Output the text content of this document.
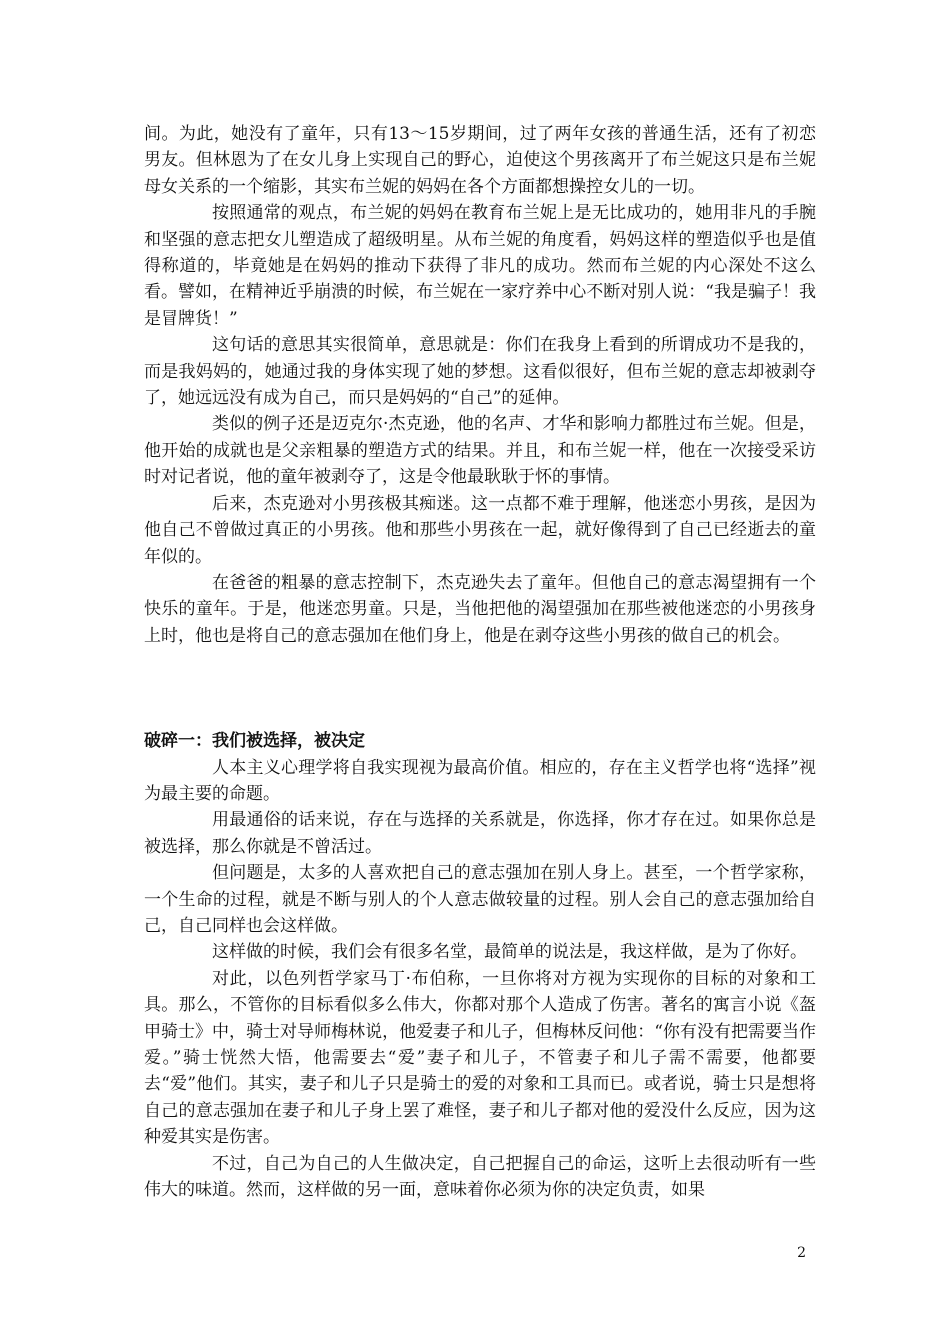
间。为此，她没有了童年，只有13～15岁期间，过了两年女孩的普通生活，还有了初恋男友。但林恩为了在女儿身上实现自己的野心，迫使这个男孩离开了布兰妮这只是布兰妮母女关系的一个缩影，其实布兰妮的妈妈在各个方面都想操控女儿的一切。

按照通常的观点，布兰妮的妈妈在教育布兰妮上是无比成功的，她用非凡的手腕和坚强的意志把女儿塑造成了超级明星。从布兰妮的角度看，妈妈这样的塑造似乎也是值得称道的，毕竟她是在妈妈的推动下获得了非凡的成功。然而布兰妮的内心深处不这么看。譬如，在精神近乎崩溃的时候，布兰妮在一家疗养中心不断对别人说：“我是骗子！我是冒牌货！”

这句话的意思其实很简单，意思就是：你们在我身上看到的所谓成功不是我的，而是我妈妈的，她通过我的身体实现了她的梦想。这看似很好，但布兰妮的意志却被剥夺了，她远远没有成为自己，而只是妈妈的“自己”的延伸。

类似的例子还是迈克尔·杰克逊，他的名声、才华和影响力都胜过布兰妮。但是，他开始的成就也是父亲粗暴的塑造方式的结果。并且，和布兰妮一样，他在一次接受采访时对记者说，他的童年被剥夺了，这是令他最耿耿于怀的事情。

后来，杰克逊对小男孩极其痴迷。这一点都不难于理解，他迷恋小男孩，是因为他自己不曾做过真正的小男孩。他和那些小男孩在一起，就好像得到了自己已经逝去的童年似的。

在爸爸的粗暴的意志控制下，杰克逊失去了童年。但他自己的意志渴望拥有一个快乐的童年。于是，他迷恋男童。只是，当他把他的渴望强加在那些被他迷恋的小男孩身上时，他也是将自己的意志强加在他们身上，他是在剥夺这些小男孩的做自己的机会。

破碎一：我们被选择，被决定

人本主义心理学将自我实现视为最高价值。相应的，存在主义哲学也将“选择”视为最主要的命题。

用最通俗的话来说，存在与选择的关系就是，你选择，你才存在过。如果你总是被选择，那么你就是不曾活过。

但问题是，太多的人喜欢把自己的意志强加在别人身上。甚至，一个哲学家称，一个生命的过程，就是不断与别人的个人意志做较量的过程。别人会自己的意志强加给自己，自己同样也会这样做。

这样做的时候，我们会有很多名堂，最简单的说法是，我这样做，是为了你好。

对此，以色列哲学家马丁·布伯称，一旦你将对方视为实现你的目标的对象和工具。那么，不管你的目标看似多么伟大，你都对那个人造成了伤害。著名的寓言小说《盔甲骑士》中，骑士对导师梅林说，他爱妻子和儿子，但梅林反问他：“你有没有把需要当作爱。”骑士恍然大悟，他需要去“爱”妻子和儿子，不管妻子和儿子需不需要，他都要去“爱”他们。其实，妻子和儿子只是骑士的爱的对象和工具而已。或者说，骑士只是想将自己的意志强加在妻子和儿子身上罢了难怪，妻子和儿子都对他的爱没什么反应，因为这种爱其实是伤害。

不过，自己为自己的人生做决定，自己把握自己的命运，这听上去很动听有一些伟大的味道。然而，这样做的另一面，意味着你必须为你的决定负责，如果

2
